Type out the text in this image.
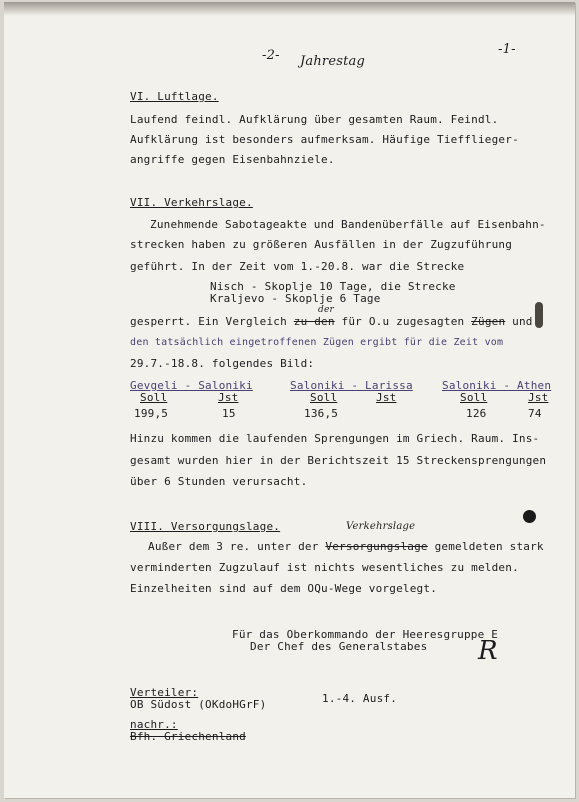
-2- Jahrestag
-1-
VI. Luftlage.
Laufend feindl. Aufklärung über gesamten Raum. Feindl.
Aufklärung ist besonders aufmerksam. Häufige Tiefflieger-
angriffe gegen Eisenbahnziele.
VII. Verkehrslage.
Zunehmende Sabotageakte und Bandenüberfälle auf Eisenbahn-
strecken haben zu größeren Ausfällen in der Zugzuführung
geführt. In der Zeit vom 1.-20.8. war die Strecke
Nisch - Skoplje 10 Tage, die Strecke
Kraljevo - Skoplje 6 Tage
der
gesperrt. Ein Vergleich zu den für O.u zugesagten Zügen und
den tatsächlich eingetroffenen Zügen ergibt für die Zeit vom
29.7.-18.8. folgendes Bild:
Gevgeli - Saloniki
Soll	Jst
199,5	15
Saloniki - Larissa
Soll	Jst
136,5
Saloniki - Athen
Soll	Jst
126	74
Hinzu kommen die laufenden Sprengungen im Griech. Raum. Ins-
gesamt wurden hier in der Berichtszeit 15 Streckensprengungen
über 6 Stunden verursacht.
VIII. Versorgungslage.	Verkehrslage
Außer dem 3 re. unter der Versorgungslage gemeldeten stark
verminderten Zugzulauf ist nichts wesentliches zu melden.
Einzelheiten sind auf dem OQu-Wege vorgelegt.
Für das Oberkommando der Heeresgruppe E
Der Chef des Generalstabes R
Verteiler:
OB Südost (OKdoHGrF)	1.-4. Ausf.
nachr.:
Bfh. Griechenland
